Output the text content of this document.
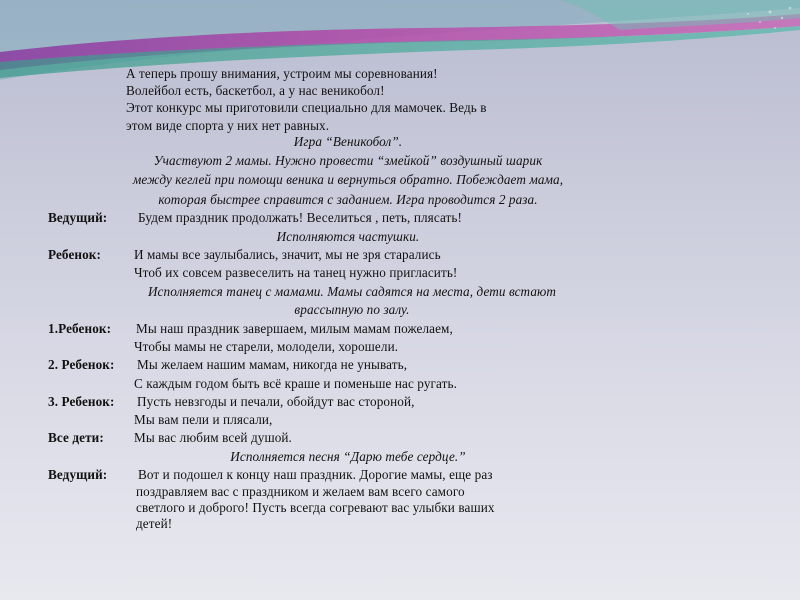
А теперь прошу внимания, устроим мы соревнования!
Волейбол есть, баскетбол, а у нас веникобол!
Этот конкурс мы приготовили специально для мамочек. Ведь в
этом виде спорта у них нет равных.
Игра “Веникобол”.
Участвуют 2 мамы. Нужно провести “змейкой” воздушный шарик
между кеглей при помощи веника и вернуться обратно. Побеждает мама,
которая быстрее справится с заданием. Игра проводится 2 раза.
Ведущий: Будем праздник продолжать! Веселиться , петь, плясать!
Исполняются частушки.
Ребенок:	И мамы все заулыбались, значит, мы не зря старались
Чтоб их совсем развеселить на танец нужно пригласить!
Исполняется танец с мамами. Мамы садятся на места, дети встают
врассыпную по залу.
1.Ребенок: Мы наш праздник завершаем, милым мамам пожелаем,
Чтобы мамы не старели, молодели, хорошели.
2. Ребенок: Мы желаем нашим мамам, никогда не унывать,
С каждым годом быть всё краше и поменьше нас ругать.
3. Ребенок: Пусть невзгоды и печали, обойдут вас стороной,
Мы вам пели и плясали,
Все дети: Мы вас любим всей душой.
Исполняется песня “Дарю тебе сердце.”
Ведущий: Вот и подошел к концу наш праздник. Дорогие мамы, еще раз
поздравляем вас с праздником и желаем вам всего самого
светлого и доброго! Пусть всегда согревают вас улыбки ваших
детей!
